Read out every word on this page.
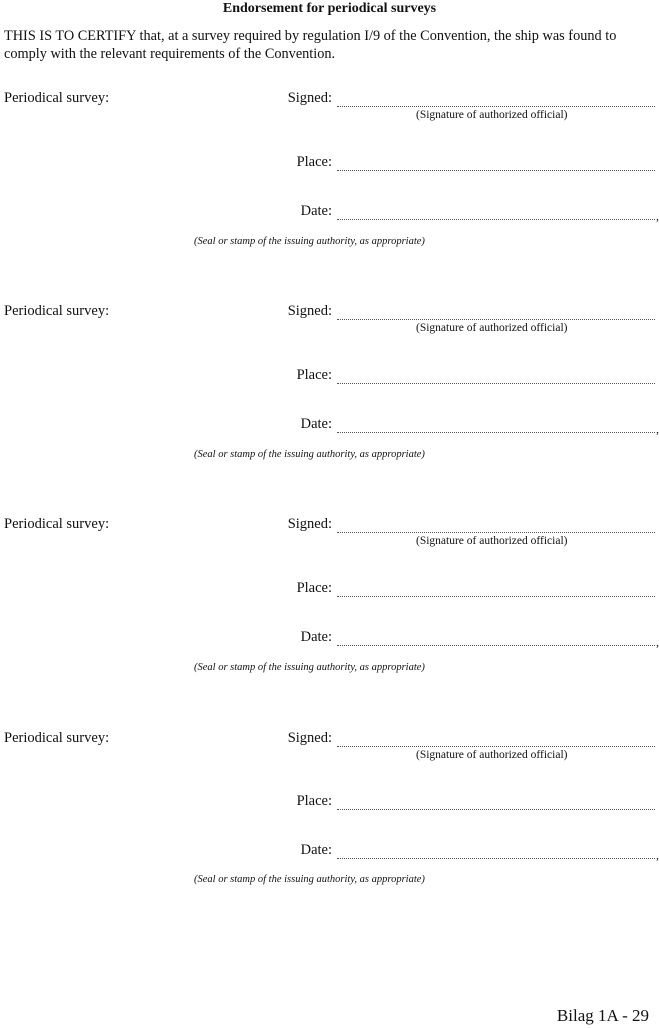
Endorsement for periodical surveys
THIS IS TO CERTIFY that, at a survey required by regulation I/9 of the Convention, the ship was found to comply with the relevant requirements of the Convention.
Periodical survey:	Signed:
(Signature of authorized official)
Place:
Date:
,
(Seal or stamp of the issuing authority, as appropriate)
Periodical survey:	Signed:
(Signature of authorized official)
Place:
Date:
,
(Seal or stamp of the issuing authority, as appropriate)
Periodical survey:	Signed:
(Signature of authorized official)
Place:
Date:
,
(Seal or stamp of the issuing authority, as appropriate)
Periodical survey:	Signed:
(Signature of authorized official)
Place:
Date:
,
(Seal or stamp of the issuing authority, as appropriate)
Bilag 1A - 29
